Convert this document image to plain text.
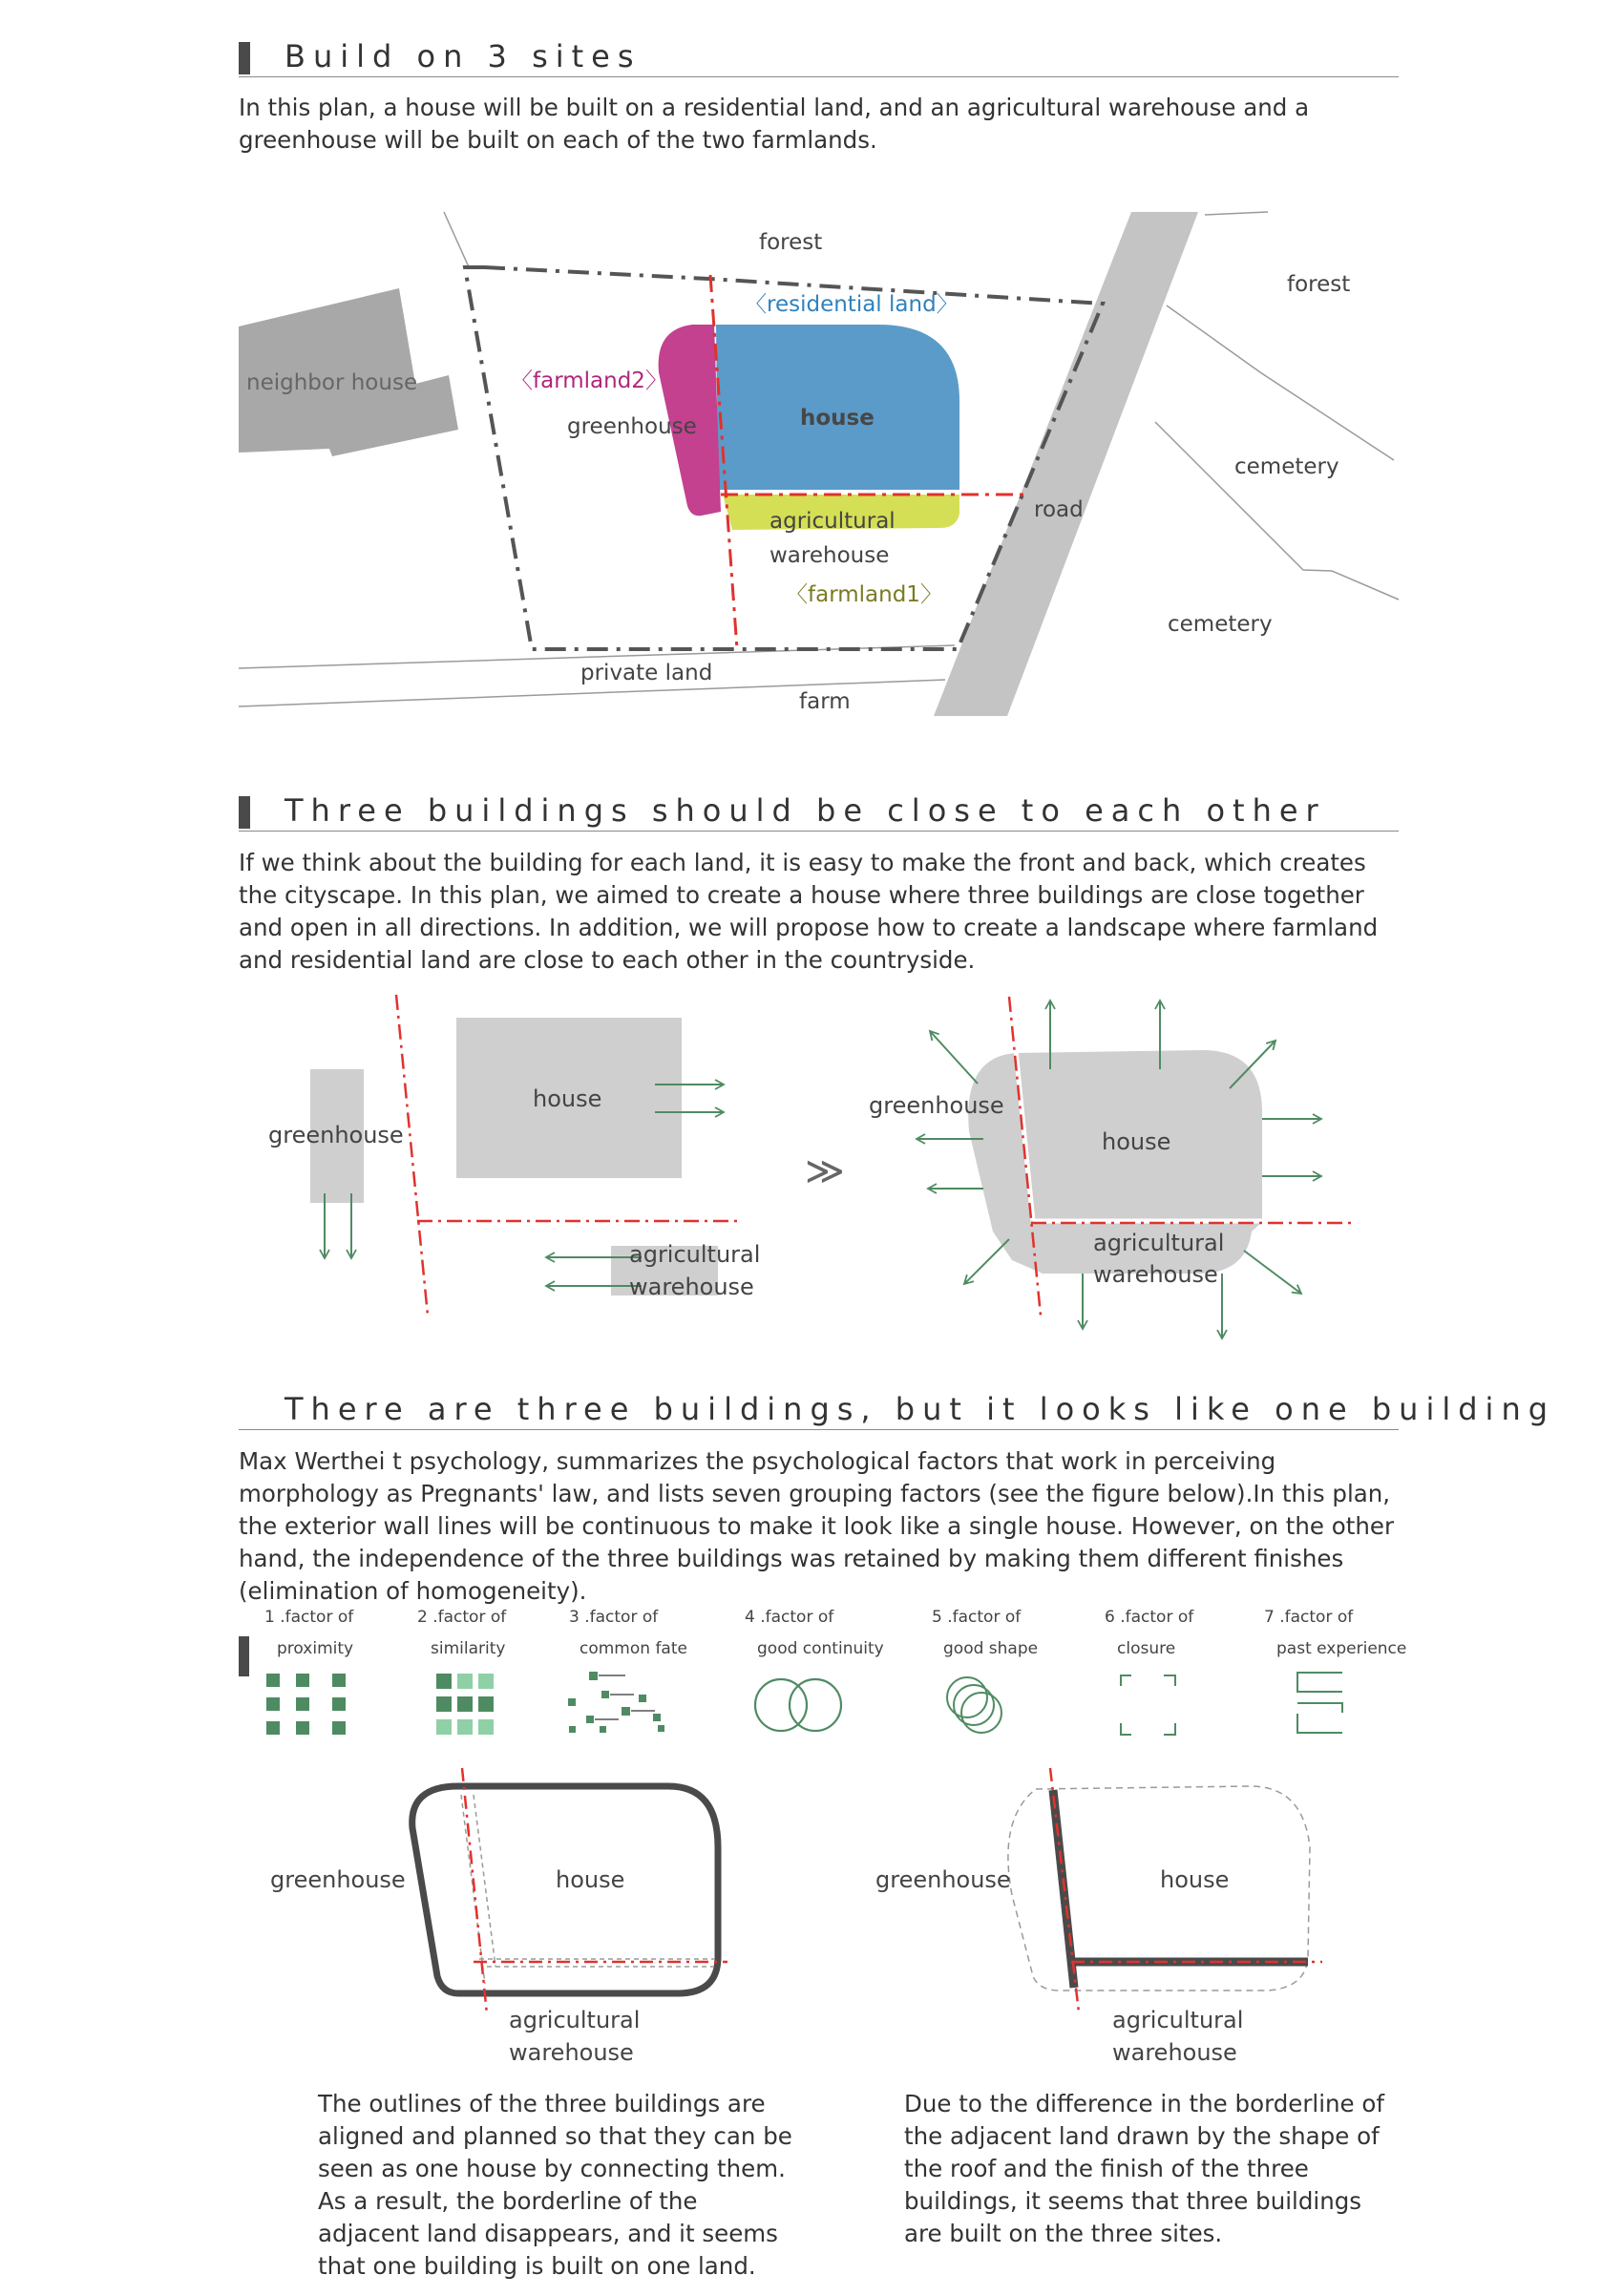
Build on 3 sites

In this plan, a house will be built on a residential land, and an agricultural warehouse and a greenhouse will be built on each of the two farmlands.

forest
forest
〈residential land〉
neighbor house	〈farmland2〉
greenhouse	house
cemetery
road
agricultural
warehouse
〈farmland1〉
cemetery
private land
farm
Three buildings should be close to each other

If we think about the building for each land, it is easy to make the front and back, which creates the cityscape. In this plan, we aimed to create a house where three buildings are close together and open in all directions. In addition, we will propose how to create a landscape where farmland and residential land are close to each other in the countryside.

house
greenhouse
agricultural
warehouse
≫
greenhouse
house
agricultural
warehouse
There are three buildings, but it looks like one building

Max Werthei t psychology, summarizes the psychological factors that work in perceiving morphology as Pregnants' law, and lists seven grouping factors (see the figure below).In this plan, the exterior wall lines will be continuous to make it look like a single house. However, on the other hand, the independence of the three buildings was retained by making them different finishes (elimination of homogeneity).

1 .factor of
proximity
2 .factor of
similarity
3 .factor of
common fate
4 .factor of
good continuity
5 .factor of
good shape
6 .factor of
closure
7 .factor of
past experience
greenhouse	house
agricultural
warehouse
greenhouse	house
agricultural
warehouse

The outlines of the three buildings are aligned and planned so that they can be seen as one house by connecting them. As a result, the borderline of the adjacent land disappears, and it seems that one building is built on one land.

Due to the difference in the borderline of the adjacent land drawn by the shape of the roof and the finish of the three buildings, it seems that three buildings are built on the three sites.
